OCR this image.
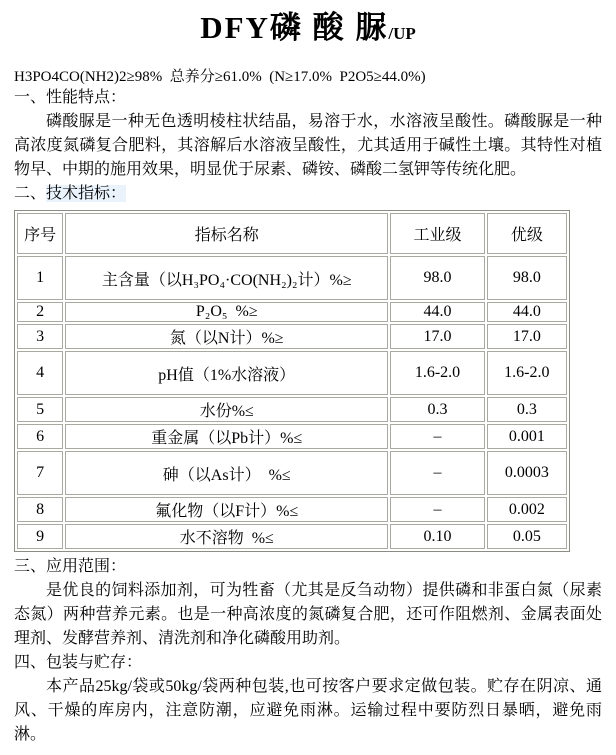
DFY磷 酸 脲/UP
H3PO4CO(NH2)2≥98%  总养分≥61.0%  (N≥17.0%  P2O5≥44.0%)
一、性能特点：

磷酸脲是一种无色透明棱柱状结晶，易溶于水，水溶液呈酸性。磷酸脲是一种高浓度氮磷复合肥料，其溶解后水溶液呈酸性，尤其适用于碱性土壤。其特性对植物早、中期的施用效果，明显优于尿素、磷铵、磷酸二氢钾等传统化肥。

二、技术指标：
序号	指标名称	工业级	优级
1	主含量（以H₃PO₄·CO(NH₂)₂计）%≥	98.0	98.0
2	P₂O₅  %≥	44.0	44.0
3	氮（以N计）%≥	17.0	17.0
4	pH值（1%水溶液）	1.6-2.0	1.6-2.0
5	水份%≤	0.3	0.3
6	重金属（以Pb计）%≤	–	0.001
7	砷（以As计）  %≤	–	0.0003
8	氟化物（以F计）%≤	–	0.002
9	水不溶物  %≤	0.10	0.05
三、应用范围：

是优良的饲料添加剂，可为牲畜（尤其是反刍动物）提供磷和非蛋白氮（尿素态氮）两种营养元素。也是一种高浓度的氮磷复合肥，还可作阻燃剂、金属表面处理剂、发酵营养剂、清洗剂和净化磷酸用助剂。

四、包装与贮存：

本产品25kg/袋或50kg/袋两种包装,也可按客户要求定做包装。贮存在阴凉、通风、干燥的库房内，注意防潮，应避免雨淋。运输过程中要防烈日暴晒，避免雨淋。
